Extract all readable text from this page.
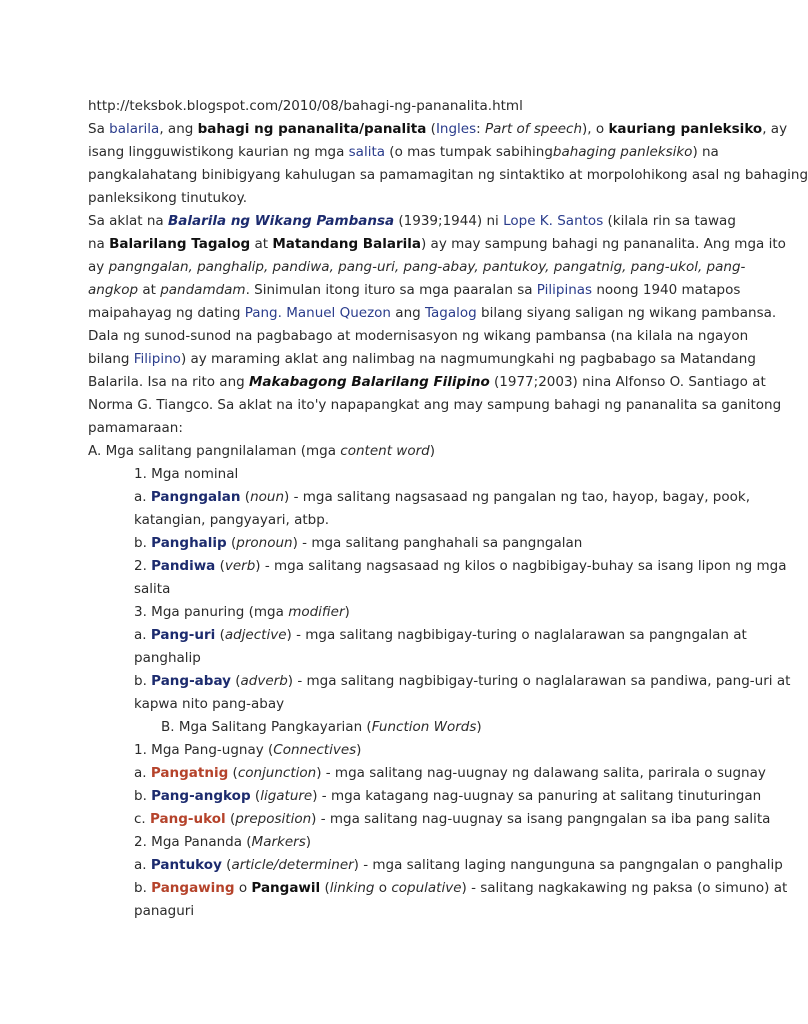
http://teksbok.blogspot.com/2010/08/bahagi-ng-pananalita.html
Sa balarila, ang bahagi ng pananalita/panalita (Ingles: Part of speech), o kauriang panleksiko, ay
isang lingguwistikong kaurian ng mga salita (o mas tumpak sabihingbahaging panleksiko) na
pangkalahatang binibigyang kahulugan sa pamamagitan ng sintaktiko at morpolohikong asal ng bahaging
panleksikong tinutukoy.
Sa aklat na Balarila ng Wikang Pambansa (1939;1944) ni Lope K. Santos (kilala rin sa tawag
na Balarilang Tagalog at Matandang Balarila) ay may sampung bahagi ng pananalita. Ang mga ito
ay pangngalan, panghalip, pandiwa, pang-uri, pang-abay, pantukoy, pangatnig, pang-ukol, pang-
angkop at pandamdam. Sinimulan itong ituro sa mga paaralan sa Pilipinas noong 1940 matapos
maipahayag ng dating Pang. Manuel Quezon ang Tagalog bilang siyang saligan ng wikang pambansa.
Dala ng sunod-sunod na pagbabago at modernisasyon ng wikang pambansa (na kilala na ngayon
bilang Filipino) ay maraming aklat ang nalimbag na nagmumungkahi ng pagbabago sa Matandang
Balarila. Isa na rito ang Makabagong Balarilang Filipino (1977;2003) nina Alfonso O. Santiago at
Norma G. Tiangco. Sa aklat na ito'y napapangkat ang may sampung bahagi ng pananalita sa ganitong
pamamaraan:
A. Mga salitang pangnilalaman (mga content word)
1. Mga nominal
a. Pangngalan (noun) - mga salitang nagsasaad ng pangalan ng tao, hayop, bagay, pook,
katangian, pangyayari, atbp.
b. Panghalip (pronoun) - mga salitang panghahali sa pangngalan
2. Pandiwa (verb) - mga salitang nagsasaad ng kilos o nagbibigay-buhay sa isang lipon ng mga
salita
3. Mga panuring (mga modifier)
a. Pang-uri (adjective) - mga salitang nagbibigay-turing o naglalarawan sa pangngalan at
panghalip
b. Pang-abay (adverb) - mga salitang nagbibigay-turing o naglalarawan sa pandiwa, pang-uri at
kapwa nito pang-abay
B. Mga Salitang Pangkayarian (Function Words)
1. Mga Pang-ugnay (Connectives)
a. Pangatnig (conjunction) - mga salitang nag-uugnay ng dalawang salita, parirala o sugnay
b. Pang-angkop (ligature) - mga katagang nag-uugnay sa panuring at salitang tinuturingan
c. Pang-ukol (preposition) - mga salitang nag-uugnay sa isang pangngalan sa iba pang salita
2. Mga Pananda (Markers)
a. Pantukoy (article/determiner) - mga salitang laging nangunguna sa pangngalan o panghalip
b. Pangawing o Pangawil (linking o copulative) - salitang nagkakawing ng paksa (o simuno) at
panaguri
